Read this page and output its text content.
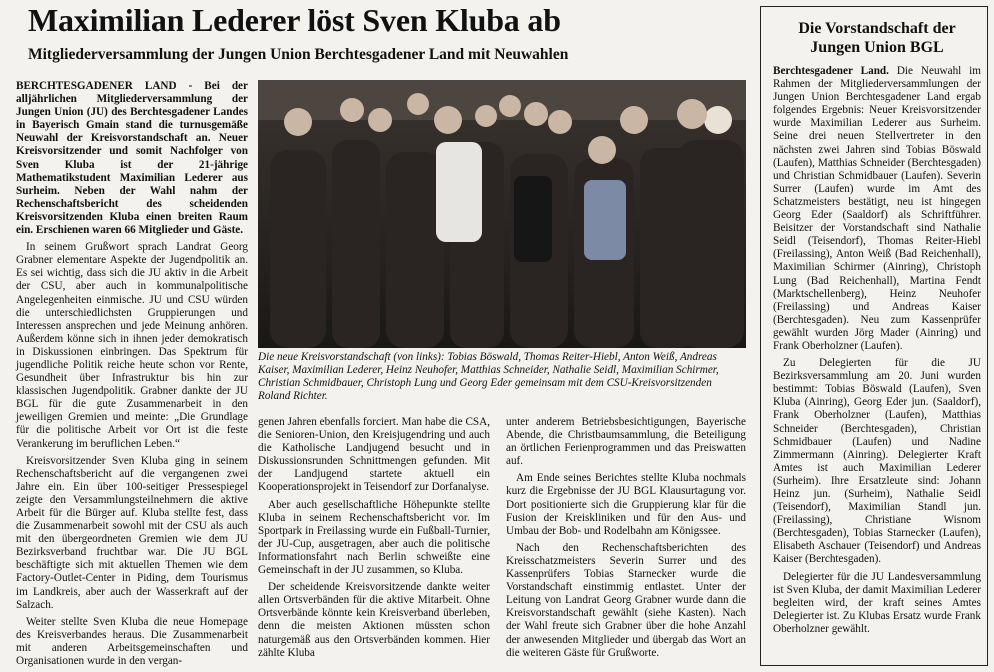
Maximilian Lederer löst Sven Kluba ab
Mitgliederversammlung der Jungen Union Berchtesgadener Land mit Neuwahlen

BERCHTESGADENER LAND - Bei der alljährlichen Mitgliederversammlung der Jungen Union (JU) des Berchtesgadener Landes in Bayerisch Gmain stand die turnusgemäße Neuwahl der Kreisvorstandschaft an. Neuer Kreisvorsitzender und somit Nachfolger von Sven Kluba ist der 21-jährige Mathematikstudent Maximilian Lederer aus Surheim. Neben der Wahl nahm der Rechenschaftsbericht des scheidenden Kreisvorsitzenden Kluba einen breiten Raum ein. Erschienen waren 66 Mitglieder und Gäste.

In seinem Grußwort sprach Landrat Georg Grabner elementare Aspekte der Jugendpolitik an. Es sei wichtig, dass sich die JU aktiv in die Arbeit der CSU, aber auch in kommunalpolitische Angelegenheiten einmische. JU und CSU würden die unterschiedlichsten Gruppierungen und Interessen ansprechen und jede Meinung anhören. Außerdem könne sich in ihnen jeder demokratisch in Diskussionen einbringen. Das Spektrum für jugendliche Politik reiche heute schon vor Rente, Gesundheit über Infrastruktur bis hin zur klassischen Jugendpolitik. Grabner dankte der JU BGL für die gute Zusammenarbeit in den jeweiligen Gremien und meinte: „Die Grundlage für die politische Arbeit vor Ort ist die feste Verankerung im beruflichen Leben.“

Kreisvorsitzender Sven Kluba ging in seinem Rechenschaftsbericht auf die vergangenen zwei Jahre ein. Ein über 100-seitiger Pressespiegel zeigte den Versammlungsteilnehmern die aktive Arbeit für die Bürger auf. Kluba stellte fest, dass die Zusammenarbeit sowohl mit der CSU als auch mit den übergeordneten Gremien wie dem JU Bezirksverband fruchtbar war. Die JU BGL beschäftigte sich mit aktuellen Themen wie dem Factory-Outlet-Center in Piding, dem Tourismus im Landkreis, aber auch der Wasserkraft auf der Salzach.

Weiter stellte Sven Kluba die neue Homepage des Kreisverbandes heraus. Die Zusammenarbeit mit anderen Arbeitsgemeinschaften und Organisationen wurde in den vergan-

Die neue Kreisvorstandschaft (von links): Tobias Böswald, Thomas Reiter-Hiebl, Anton Weiß, Andreas Kaiser, Maximilian Lederer, Heinz Neuhofer, Matthias Schneider, Nathalie Seidl, Maximilian Schirmer, Christian Schmidbauer, Christoph Lung und Georg Eder gemeinsam mit dem CSU-Kreisvorsitzenden Roland Richter.

genen Jahren ebenfalls forciert. Man habe die CSA, die Senioren-Union, den Kreisjugendring und auch die Katholische Landjugend besucht und in Diskussionsrunden Schnittmengen gefunden. Mit der Landjugend startete aktuell ein Kooperationsprojekt in Teisendorf zur Dorfanalyse.

Aber auch gesellschaftliche Höhepunkte stellte Kluba in seinem Rechenschaftsbericht vor. Im Sportpark in Freilassing wurde ein Fußball-Turnier, der JU-Cup, ausgetragen, aber auch die politische Informationsfahrt nach Berlin schweißte eine Gemeinschaft in der JU zusammen, so Kluba.

Der scheidende Kreisvorsitzende dankte weiter allen Ortsverbänden für die aktive Mitarbeit. Ohne Ortsverbände könnte kein Kreisverband überleben, denn die meisten Aktionen müssten schon naturgemäß aus den Ortsverbänden kommen. Hier zählte Kluba

unter anderem Betriebsbesichtigungen, Bayerische Abende, die Christbaumsammlung, die Beteiligung an örtlichen Ferienprogrammen und das Preiswatten auf.

Am Ende seines Berichtes stellte Kluba nochmals kurz die Ergebnisse der JU BGL Klausurtagung vor. Dort positionierte sich die Gruppierung klar für die Fusion der Kreiskliniken und für den Aus- und Umbau der Bob- und Rodelbahn am Königssee.

Nach den Rechenschaftsberichten des Kreisschatzmeisters Severin Surrer und des Kassenprüfers Tobias Starnecker wurde die Vorstandschaft einstimmig entlastet. Unter der Leitung von Landrat Georg Grabner wurde dann die Kreisvorstandschaft gewählt (siehe Kasten). Nach der Wahl freute sich Grabner über die hohe Anzahl der anwesenden Mitglieder und übergab das Wort an die weiteren Gäste für Grußworte.

Die Vorstandschaft der Jungen Union BGL

Berchtesgadener Land. Die Neuwahl im Rahmen der Mitgliederversammlungen der Jungen Union Berchtesgadener Land ergab folgendes Ergebnis: Neuer Kreisvorsitzender wurde Maximilian Lederer aus Surheim. Seine drei neuen Stellvertreter in den nächsten zwei Jahren sind Tobias Böswald (Laufen), Matthias Schneider (Berchtesgaden) und Christian Schmidbauer (Laufen). Severin Surrer (Laufen) wurde im Amt des Schatzmeisters bestätigt, neu ist hingegen Georg Eder (Saaldorf) als Schriftführer. Beisitzer der Vorstandschaft sind Nathalie Seidl (Teisendorf), Thomas Reiter-Hiebl (Freilassing), Anton Weiß (Bad Reichenhall), Maximilian Schirmer (Ainring), Christoph Lung (Bad Reichenhall), Martina Fendt (Marktschellenberg), Heinz Neuhofer (Freilassing) und Andreas Kaiser (Berchtesgaden). Neu zum Kassenprüfer gewählt wurden Jörg Mader (Ainring) und Frank Oberholzner (Laufen).

Zu Delegierten für die JU Bezirksversammlung am 20. Juni wurden bestimmt: Tobias Böswald (Laufen), Sven Kluba (Ainring), Georg Eder jun. (Saaldorf), Frank Oberholzner (Laufen), Matthias Schneider (Berchtesgaden), Christian Schmidbauer (Laufen) und Nadine Zimmermann (Ainring). Delegierter Kraft Amtes ist auch Maximilian Lederer (Surheim). Ihre Ersatzleute sind: Johann Heinz jun. (Surheim), Nathalie Seidl (Teisendorf), Maximilian Standl jun. (Freilassing), Christiane Wisnom (Berchtesgaden), Tobias Starnecker (Laufen), Elisabeth Aschauer (Teisendorf) und Andreas Kaiser (Berchtesgaden).

Delegierter für die JU Landesversammlung ist Sven Kluba, der damit Maximilian Lederer begleiten wird, der kraft seines Amtes Delegierter ist. Zu Klubas Ersatz wurde Frank Oberholzner gewählt.
